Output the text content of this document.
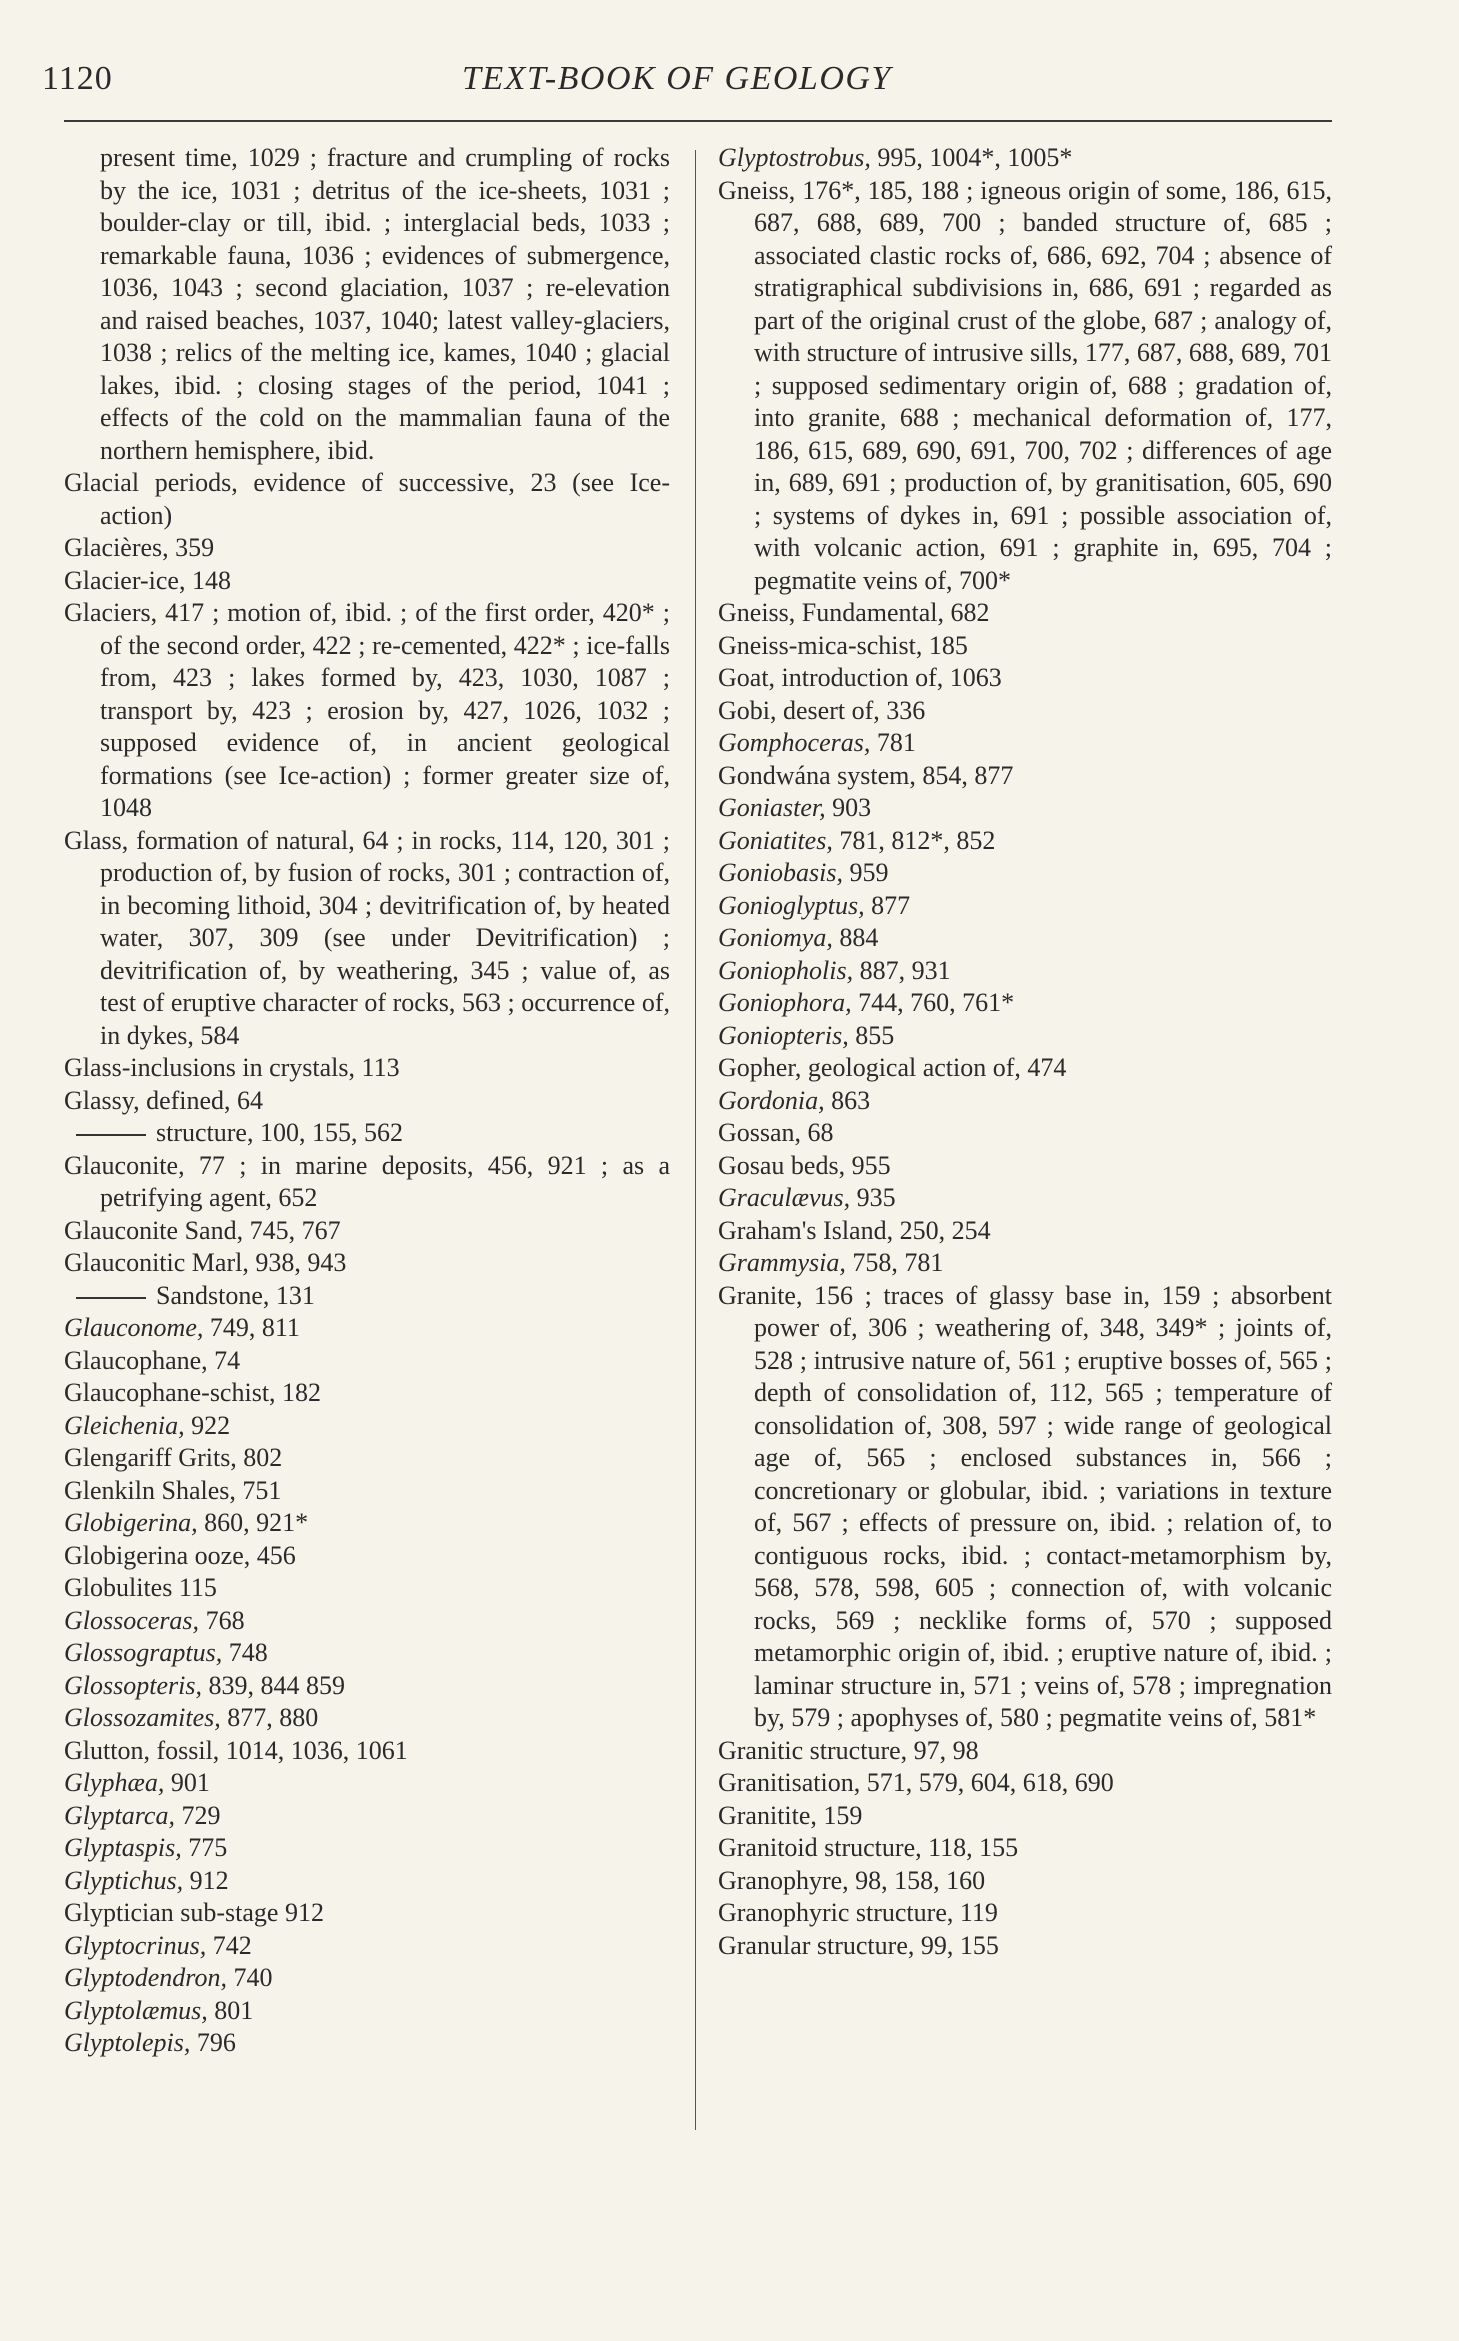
1120	TEXT-BOOK OF GEOLOGY
present time, 1029 ; fracture and crumpling of rocks by the ice, 1031 ; detritus of the ice-sheets, 1031 ; boulder-clay or till, ibid. ; interglacial beds, 1033 ; remarkable fauna, 1036 ; evidences of submergence, 1036, 1043 ; second glaciation, 1037 ; re-elevation and raised beaches, 1037, 1040; latest valley-glaciers, 1038 ; relics of the melting ice, kames, 1040 ; glacial lakes, ibid. ; closing stages of the period, 1041 ; effects of the cold on the mammalian fauna of the northern hemisphere, ibid.
Glacial periods, evidence of successive, 23 (see Ice-action)
Glacières, 359
Glacier-ice, 148
Glaciers, 417 ; motion of, ibid. ; of the first order, 420* ; of the second order, 422 ; re-cemented, 422* ; ice-falls from, 423 ; lakes formed by, 423, 1030, 1087 ; transport by, 423 ; erosion by, 427, 1026, 1032 ; supposed evidence of, in ancient geological formations (see Ice-action) ; former greater size of, 1048
Glass, formation of natural, 64 ; in rocks, 114, 120, 301 ; production of, by fusion of rocks, 301 ; contraction of, in becoming lithoid, 304 ; devitrification of, by heated water, 307, 309 (see under Devitrification) ; devitrification of, by weathering, 345 ; value of, as test of eruptive character of rocks, 563 ; occurrence of, in dykes, 584
Glass-inclusions in crystals, 113
Glassy, defined, 64
structure, 100, 155, 562
Glauconite, 77 ; in marine deposits, 456, 921 ; as a petrifying agent, 652
Glauconite Sand, 745, 767
Glauconitic Marl, 938, 943
Sandstone, 131
Glauconome, 749, 811
Glaucophane, 74
Glaucophane-schist, 182
Gleichenia, 922
Glengariff Grits, 802
Glenkiln Shales, 751
Globigerina, 860, 921*
Globigerina ooze, 456
Globulites 115
Glossoceras, 768
Glossograptus, 748
Glossopteris, 839, 844 859
Glossozamites, 877, 880
Glutton, fossil, 1014, 1036, 1061
Glyphæa, 901
Glyptarca, 729
Glyptaspis, 775
Glyptichus, 912
Glyptician sub-stage 912
Glyptocrinus, 742
Glyptodendron, 740
Glyptolæmus, 801
Glyptolepis, 796
Glyptostrobus, 995, 1004*, 1005*
Gneiss, 176*, 185, 188 ; igneous origin of some, 186, 615, 687, 688, 689, 700 ; banded structure of, 685 ; associated clastic rocks of, 686, 692, 704 ; absence of stratigraphical subdivisions in, 686, 691 ; regarded as part of the original crust of the globe, 687 ; analogy of, with structure of intrusive sills, 177, 687, 688, 689, 701 ; supposed sedimentary origin of, 688 ; gradation of, into granite, 688 ; mechanical deformation of, 177, 186, 615, 689, 690, 691, 700, 702 ; differences of age in, 689, 691 ; production of, by granitisation, 605, 690 ; systems of dykes in, 691 ; possible association of, with volcanic action, 691 ; graphite in, 695, 704 ; pegmatite veins of, 700*
Gneiss, Fundamental, 682
Gneiss-mica-schist, 185
Goat, introduction of, 1063
Gobi, desert of, 336
Gomphoceras, 781
Gondwána system, 854, 877
Goniaster, 903
Goniatites, 781, 812*, 852
Goniobasis, 959
Gonioglyptus, 877
Goniomya, 884
Goniopholis, 887, 931
Goniophora, 744, 760, 761*
Goniopteris, 855
Gopher, geological action of, 474
Gordonia, 863
Gossan, 68
Gosau beds, 955
Graculævus, 935
Graham's Island, 250, 254
Grammysia, 758, 781
Granite, 156 ; traces of glassy base in, 159 ; absorbent power of, 306 ; weathering of, 348, 349* ; joints of, 528 ; intrusive nature of, 561 ; eruptive bosses of, 565 ; depth of consolidation of, 112, 565 ; temperature of consolidation of, 308, 597 ; wide range of geological age of, 565 ; enclosed substances in, 566 ; concretionary or globular, ibid. ; variations in texture of, 567 ; effects of pressure on, ibid. ; relation of, to contiguous rocks, ibid. ; contact-metamorphism by, 568, 578, 598, 605 ; connection of, with volcanic rocks, 569 ; necklike forms of, 570 ; supposed metamorphic origin of, ibid. ; eruptive nature of, ibid. ; laminar structure in, 571 ; veins of, 578 ; impregnation by, 579 ; apophyses of, 580 ; pegmatite veins of, 581*
Granitic structure, 97, 98
Granitisation, 571, 579, 604, 618, 690
Granitite, 159
Granitoid structure, 118, 155
Granophyre, 98, 158, 160
Granophyric structure, 119
Granular structure, 99, 155
